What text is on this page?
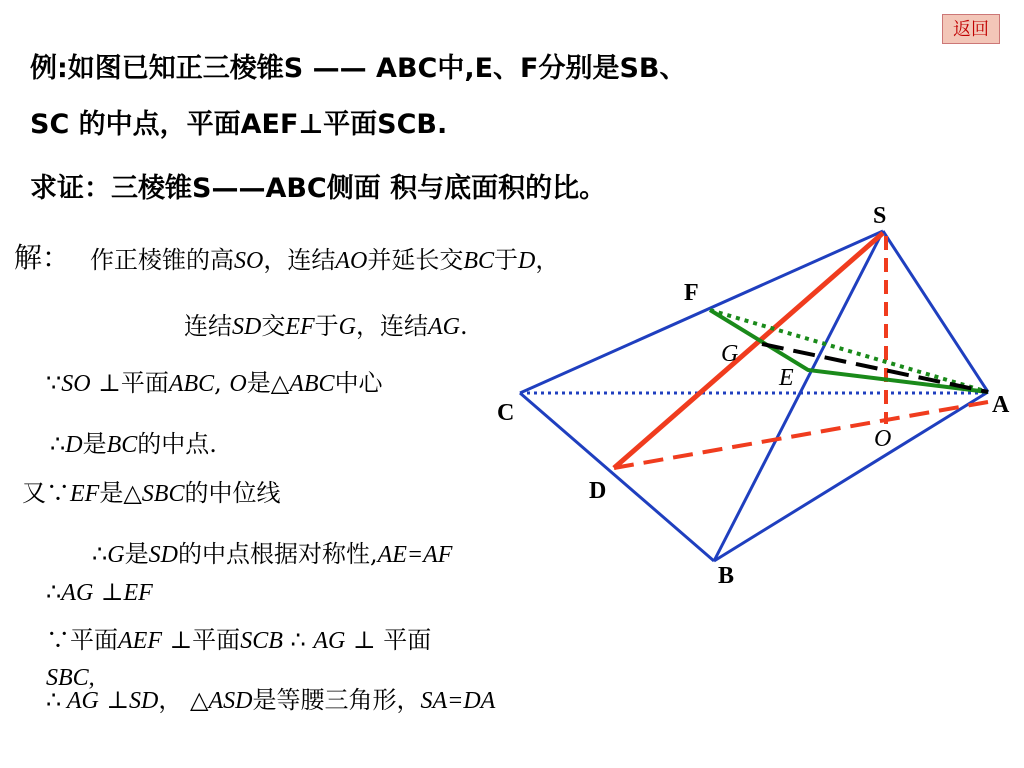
返回

例:如图已知正三棱锥S —— ABC中,E、F分别是SB、

SC 的中点，平面AEF⊥平面SCB.

求证：三棱锥S——ABC侧面 积与底面积的比。

解： 作正棱锥的高SO，连结AO并延长交BC于D，

连结SD交EF于G，连结AG.

∵SO ⊥平面ABC, O是△ABC中心

∴D是BC的中点.

又∵EF是△SBC的中位线

∴G是SD的中点根据对称性,AE=AF

∴AG ⊥EF

∵平面AEF ⊥平面SCB ∴ AG ⊥ 平面

SBC,

∴ AG ⊥SD， △ASD是等腰三角形，SA=DA

S
F
G
E
A
C
O
D
B
